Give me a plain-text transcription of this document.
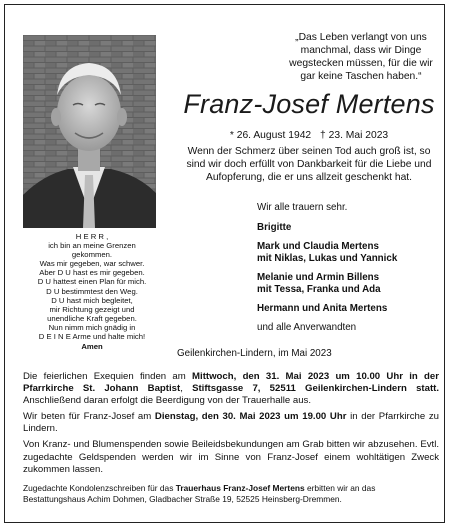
„Das Leben verlangt von uns
manchmal, dass wir Dinge
wegstecken müssen, für die wir
gar keine Taschen haben.“
Franz-Josef Mertens
* 26. August 1942 † 23. Mai 2023
Wenn der Schmerz über seinen Tod auch groß ist, so
sind wir doch erfüllt von Dankbarkeit für die Liebe und
Aufopferung, die er uns allzeit geschenkt hat.
Wir alle trauern sehr.
Brigitte
Mark und Claudia Mertens
mit Niklas, Lukas und Yannick
Melanie und Armin Billens
mit Tessa, Franka und Ada
Hermann und Anita Mertens
und alle Anverwandten
H E R R ,
ich bin an meine Grenzen
gekommen.
Was mir gegeben, war schwer.
Aber D U hast es mir gegeben.
D U hattest einen Plan für mich.
D U bestimmtest den Weg.
D U hast mich begleitet,
mir Richtung gezeigt und
unendliche Kraft gegeben.
Nun nimm mich gnädig in
D E I N E Arme und halte mich!
Amen
Geilenkirchen-Lindern, im Mai 2023

Die feierlichen Exequien finden am Mittwoch, den 31. Mai 2023 um 10.00 Uhr in der Pfarrkirche St. Johann Baptist, Stiftsgasse 7, 52511 Geilenkirchen-Lindern statt. Anschließend daran erfolgt die Beerdigung von der Trauerhalle aus.

Wir beten für Franz-Josef am Dienstag, den 30. Mai 2023 um 19.00 Uhr in der Pfarrkirche zu Lindern.

Von Kranz- und Blumenspenden sowie Beileidsbekundungen am Grab bitten wir abzusehen. Evtl. zugedachte Geldspenden werden wir im Sinne von Franz-Josef einem wohltätigen Zweck zukommen lassen.

Zugedachte Kondolenzschreiben für das Trauerhaus Franz-Josef Mertens erbitten wir an das
Bestattungshaus Achim Dohmen, Gladbacher Straße 19, 52525 Heinsberg-Dremmen.
